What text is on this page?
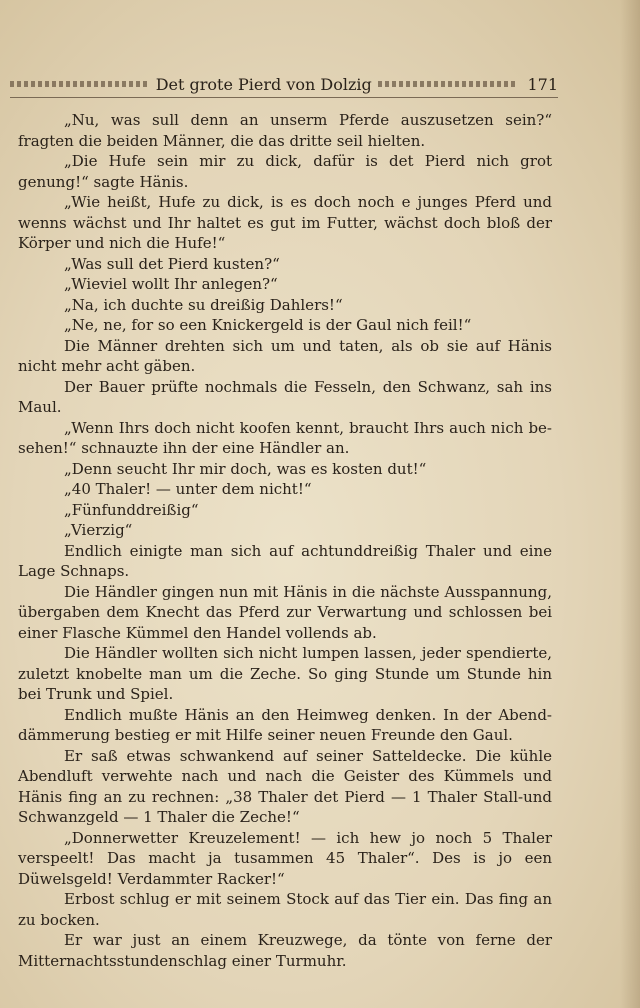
Det grote Pierd von Dolzig	171

„Nu, was sull denn an unserm Pferde auszusetzen sein?“ fragten die beiden Männer, die das dritte seil hielten.

„Die Hufe sein mir zu dick, dafür is det Pierd nich grot genung!“ sagte Hänis.

„Wie heißt, Hufe zu dick, is es doch noch e junges Pferd und wenns wächst und Ihr haltet es gut im Futter, wächst doch bloß der Körper und nich die Hufe!“

„Was sull det Pierd kusten?“

„Wieviel wollt Ihr anlegen?“

„Na, ich duchte su dreißig Dahlers!“

„Ne, ne, for so een Knickergeld is der Gaul nich feil!“

Die Männer drehten sich um und taten, als ob sie auf Hänis nicht mehr acht gäben.

Der Bauer prüfte nochmals die Fesseln, den Schwanz, sah ins Maul.

„Wenn Ihrs doch nicht koofen kennt, braucht Ihrs auch nich be-sehen!“ schnauzte ihn der eine Händler an.

„Denn seucht Ihr mir doch, was es kosten dut!“

„40 Thaler! — unter dem nicht!“

„Fünfunddreißig“

„Vierzig“

Endlich einigte man sich auf achtunddreißig Thaler und eine Lage Schnaps.

Die Händler gingen nun mit Hänis in die nächste Ausspannung, übergaben dem Knecht das Pferd zur Verwartung und schlossen bei einer Flasche Kümmel den Handel vollends ab.

Die Händler wollten sich nicht lumpen lassen, jeder spendierte, zuletzt knobelte man um die Zeche. So ging Stunde um Stunde hin bei Trunk und Spiel.

Endlich mußte Hänis an den Heimweg denken. In der Abend-dämmerung bestieg er mit Hilfe seiner neuen Freunde den Gaul.

Er saß etwas schwankend auf seiner Satteldecke. Die kühle Abendluft verwehte nach und nach die Geister des Kümmels und Hänis fing an zu rechnen: „38 Thaler det Pierd — 1 Thaler Stall-und Schwanzgeld — 1 Thaler die Zeche!“

„Donnerwetter Kreuzelement! — ich hew jo noch 5 Thaler verspeelt! Das macht ja tusammen 45 Thaler“. Des is jo een Düwelsgeld! Verdammter Racker!“

Erbost schlug er mit seinem Stock auf das Tier ein. Das fing an zu bocken.

Er war just an einem Kreuzwege, da tönte von ferne der Mitternachtsstundenschlag einer Turmuhr.
